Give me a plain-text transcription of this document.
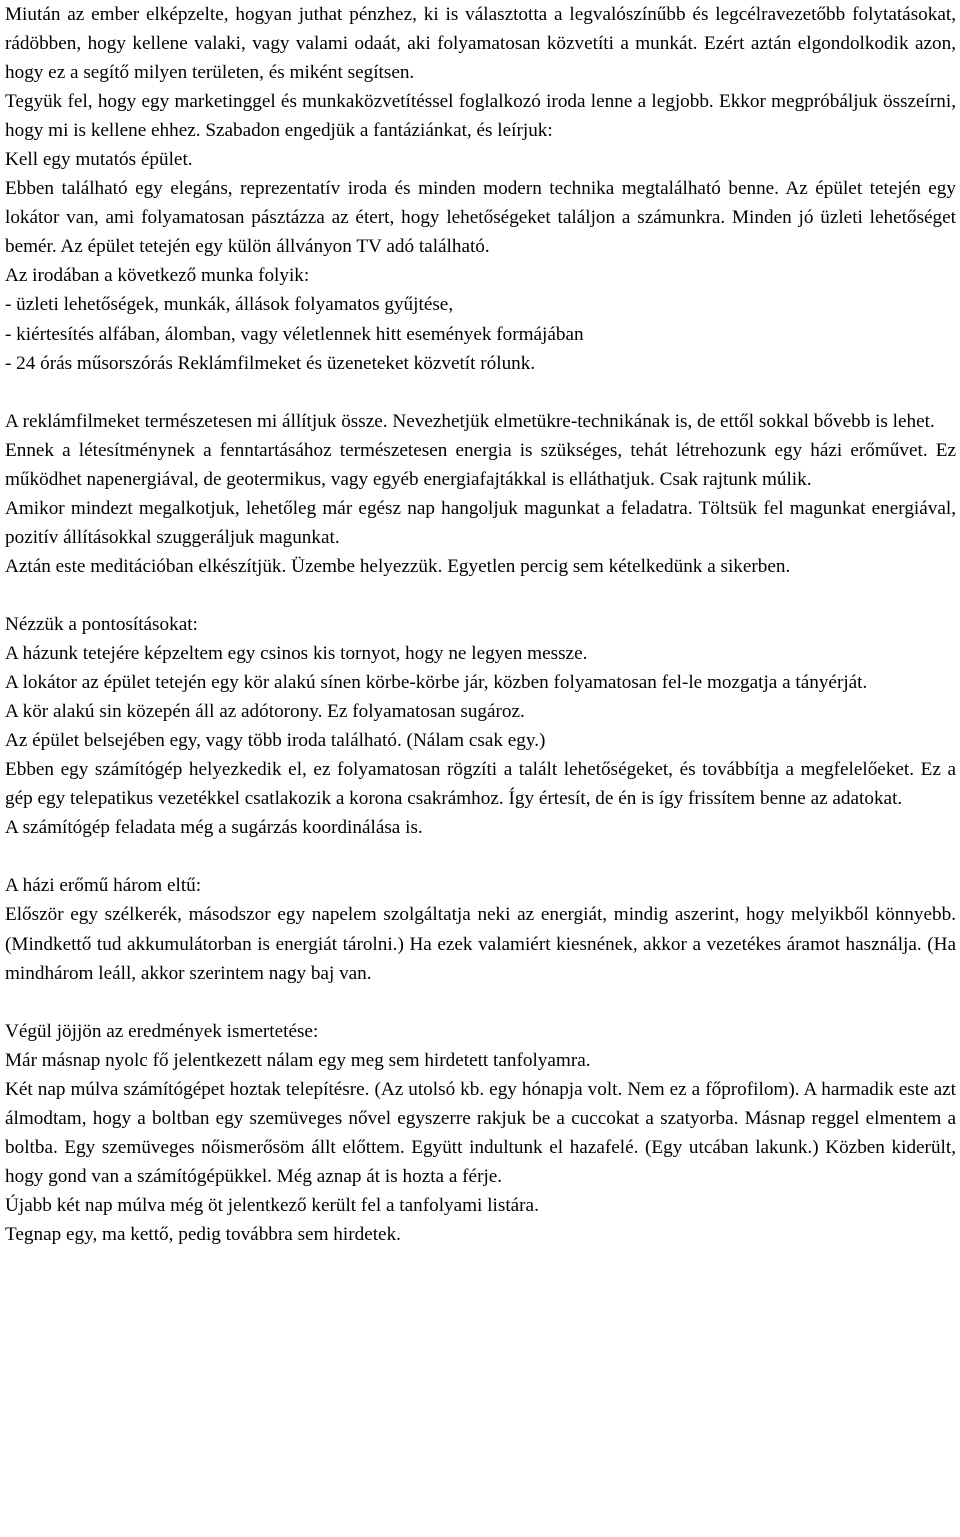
Miután az ember elképzelte, hogyan juthat pénzhez, ki is választotta a legvalószínűbb és legcélravezetőbb folytatásokat, rádöbben, hogy kellene valaki, vagy valami odaát, aki folyamatosan közvetíti a munkát. Ezért aztán elgondolkodik azon, hogy ez a segítő milyen területen, és miként segítsen.

Tegyük fel, hogy egy marketinggel és munkaközvetítéssel foglalkozó iroda lenne a legjobb. Ekkor megpróbáljuk összeírni, hogy mi is kellene ehhez. Szabadon engedjük a fantáziánkat, és leírjuk:

Kell egy mutatós épület.

Ebben található egy elegáns, reprezentatív iroda és minden modern technika megtalálható benne. Az épület tetején egy lokátor van, ami folyamatosan pásztázza az étert, hogy lehetőségeket találjon a számunkra. Minden jó üzleti lehetőséget bemér. Az épület tetején egy külön állványon TV adó található.

Az irodában a következő munka folyik:

- üzleti lehetőségek, munkák, állások folyamatos gyűjtése,

- kiértesítés alfában, álomban, vagy véletlennek hitt események formájában

- 24 órás műsorszórás Reklámfilmeket és üzeneteket közvetít rólunk.

A reklámfilmeket természetesen mi állítjuk össze. Nevezhetjük elmetükre-technikának is, de ettől sokkal bővebb is lehet.

Ennek a létesítménynek a fenntartásához természetesen energia is szükséges, tehát létrehozunk egy házi erőművet. Ez működhet napenergiával, de geotermikus, vagy egyéb energiafajtákkal is elláthatjuk. Csak rajtunk múlik.

Amikor mindezt megalkotjuk, lehetőleg már egész nap hangoljuk magunkat a feladatra. Töltsük fel magunkat energiával, pozitív állításokkal szuggeráljuk magunkat.

Aztán este meditációban elkészítjük. Üzembe helyezzük. Egyetlen percig sem kételkedünk a sikerben.

Nézzük a pontosításokat:

A házunk tetejére képzeltem egy csinos kis tornyot, hogy ne legyen messze.

A lokátor az épület tetején egy kör alakú sínen körbe-körbe jár, közben folyamatosan fel-le mozgatja a tányérját.

A kör alakú sin közepén áll az adótorony. Ez folyamatosan sugároz.

Az épület belsejében egy, vagy több iroda található. (Nálam csak egy.)

Ebben egy számítógép helyezkedik el, ez folyamatosan rögzíti a talált lehetőségeket, és továbbítja a megfelelőeket. Ez a gép egy telepatikus vezetékkel csatlakozik a korona csakrámhoz. Így értesít, de én is így frissítem benne az adatokat.

A számítógép feladata még a sugárzás koordinálása is.

A házi erőmű három eltű:

Először egy szélkerék, másodszor egy napelem szolgáltatja neki az energiát, mindig aszerint, hogy melyikből könnyebb. (Mindkettő tud akkumulátorban is energiát tárolni.) Ha ezek valamiért kiesnének, akkor a vezetékes áramot használja. (Ha mindhárom leáll, akkor szerintem nagy baj van.

Végül jöjjön az eredmények ismertetése:

Már másnap nyolc fő jelentkezett nálam egy meg sem hirdetett tanfolyamra.

Két nap múlva számítógépet hoztak telepítésre. (Az utolsó kb. egy hónapja volt. Nem ez a főprofilom). A harmadik este azt álmodtam, hogy a boltban egy szemüveges nővel egyszerre rakjuk be a cuccokat a szatyorba. Másnap reggel elmentem a boltba. Egy szemüveges nőismerősöm állt előttem. Együtt indultunk el hazafelé. (Egy utcában lakunk.) Közben kiderült, hogy gond van a számítógépükkel. Még aznap át is hozta a férje.

Újabb két nap múlva még öt jelentkező került fel a tanfolyami listára.

Tegnap egy, ma kettő, pedig továbbra sem hirdetek.
